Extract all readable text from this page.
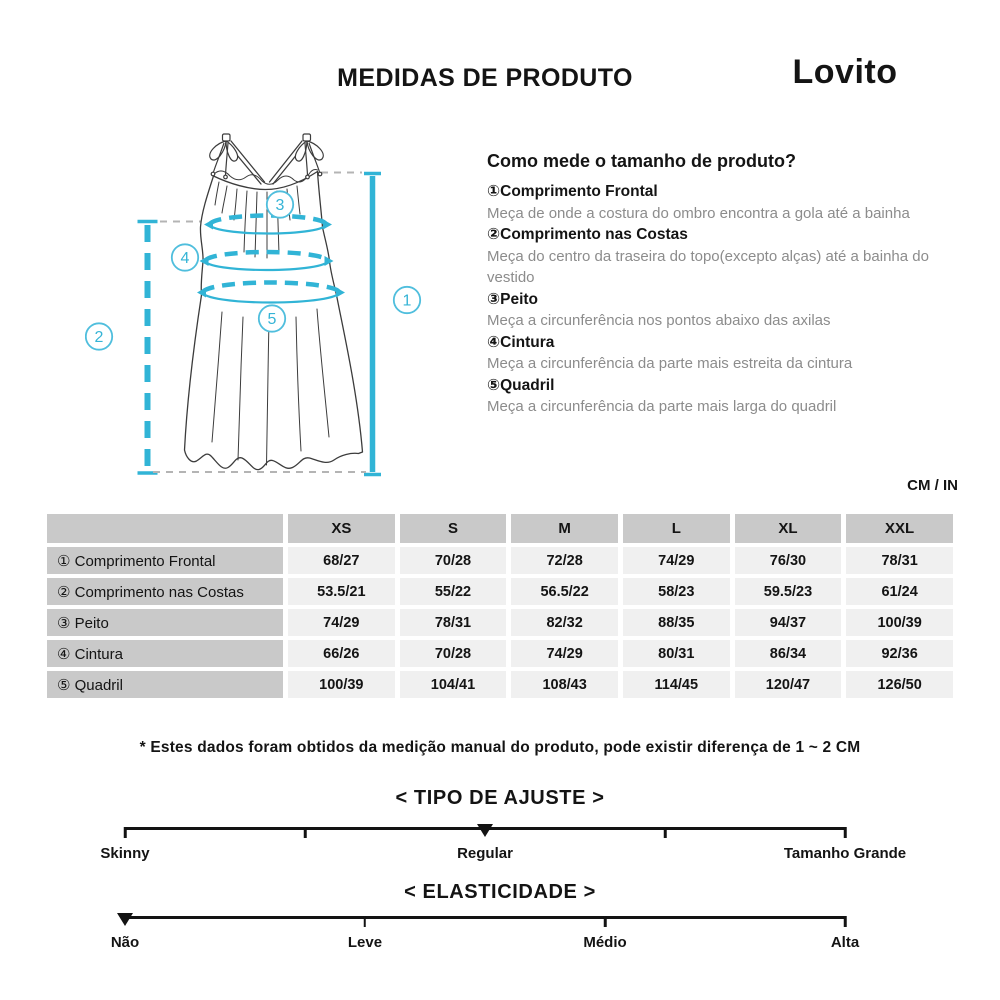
MEDIDAS DE PRODUTO	Lovito
1
2
3
4
5
Como mede o tamanho de produto?
①Comprimento Frontal
Meça de onde a costura do ombro encontra a gola até a bainha
②Comprimento nas Costas
Meça do centro da traseira do topo(excepto alças) até a bainha do vestido
③Peito
Meça a circunferência nos pontos abaixo das axilas
④Cintura
Meça a circunferência da parte mais estreita da cintura
⑤Quadril
Meça a circunferência da parte mais larga do quadril
CM / IN
	XS	S	M	L	XL	XXL
① Comprimento Frontal	68/27	70/28	72/28	74/29	76/30	78/31
② Comprimento nas Costas	53.5/21	55/22	56.5/22	58/23	59.5/23	61/24
③ Peito	74/29	78/31	82/32	88/35	94/37	100/39
④ Cintura	66/26	70/28	74/29	80/31	86/34	92/36
⑤ Quadril	100/39	104/41	108/43	114/45	120/47	126/50
* Estes dados foram obtidos da medição manual do produto, pode existir diferença de 1 ~ 2 CM
< TIPO DE AJUSTE >
Skinny	Regular	Tamanho Grande
< ELASTICIDADE >
Não	Leve	Médio	Alta
